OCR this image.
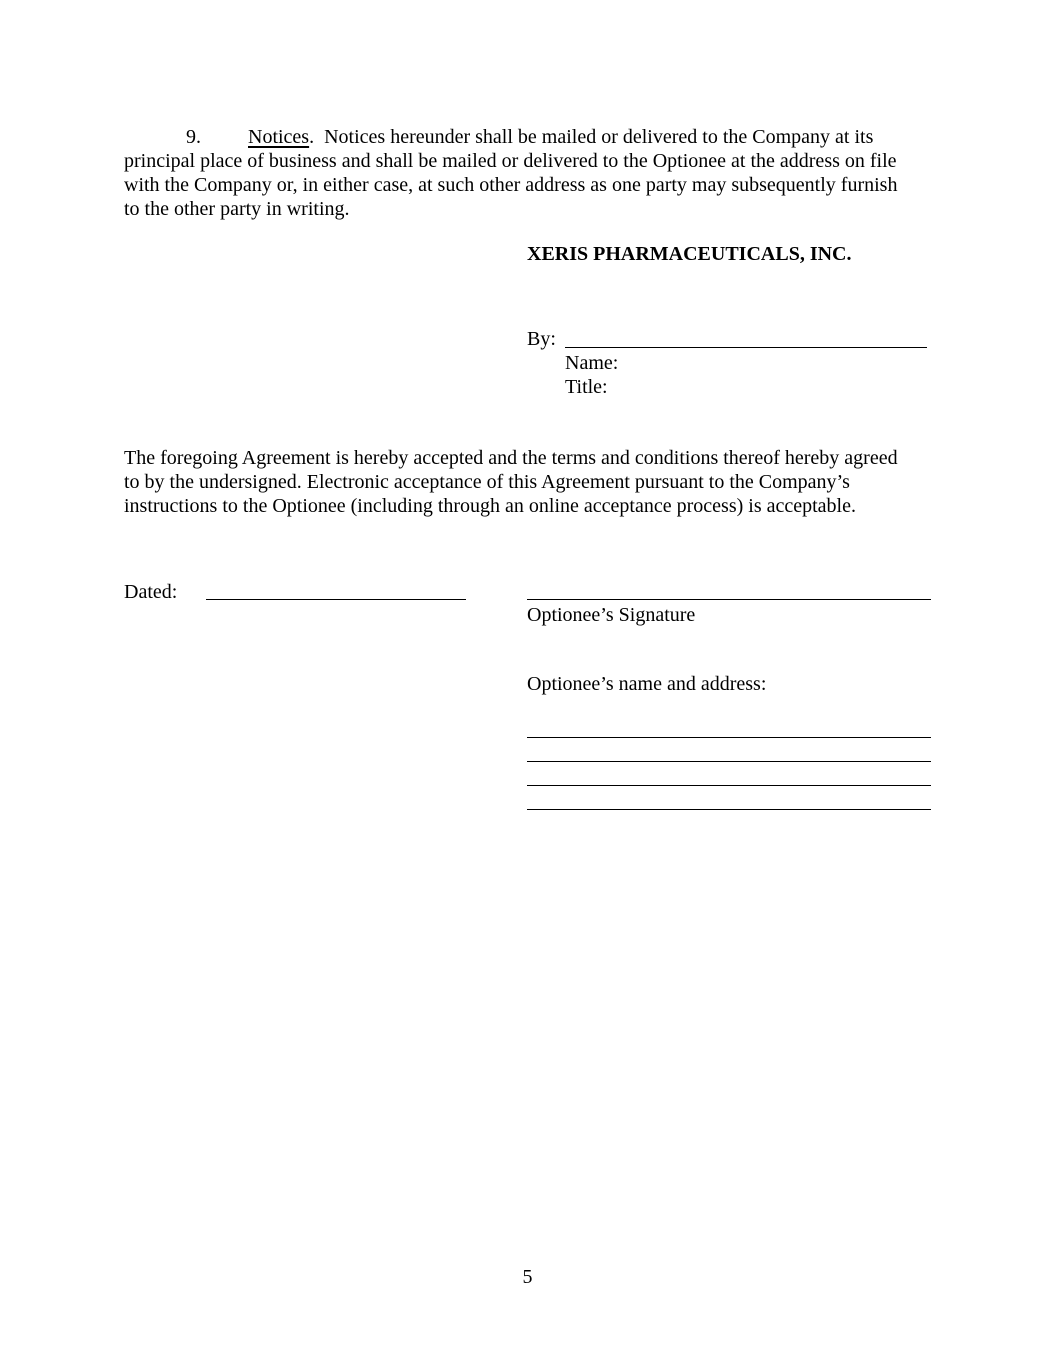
9. Notices. Notices hereunder shall be mailed or delivered to the Company at its
principal place of business and shall be mailed or delivered to the Optionee at the address on file
with the Company or, in either case, at such other address as one party may subsequently furnish
to the other party in writing.
XERIS PHARMACEUTICALS, INC.
By:
Name:
Title:
The foregoing Agreement is hereby accepted and the terms and conditions thereof hereby agreed
to by the undersigned. Electronic acceptance of this Agreement pursuant to the Company’s
instructions to the Optionee (including through an online acceptance process) is acceptable.
Dated:
Optionee’s Signature
Optionee’s name and address:
5
